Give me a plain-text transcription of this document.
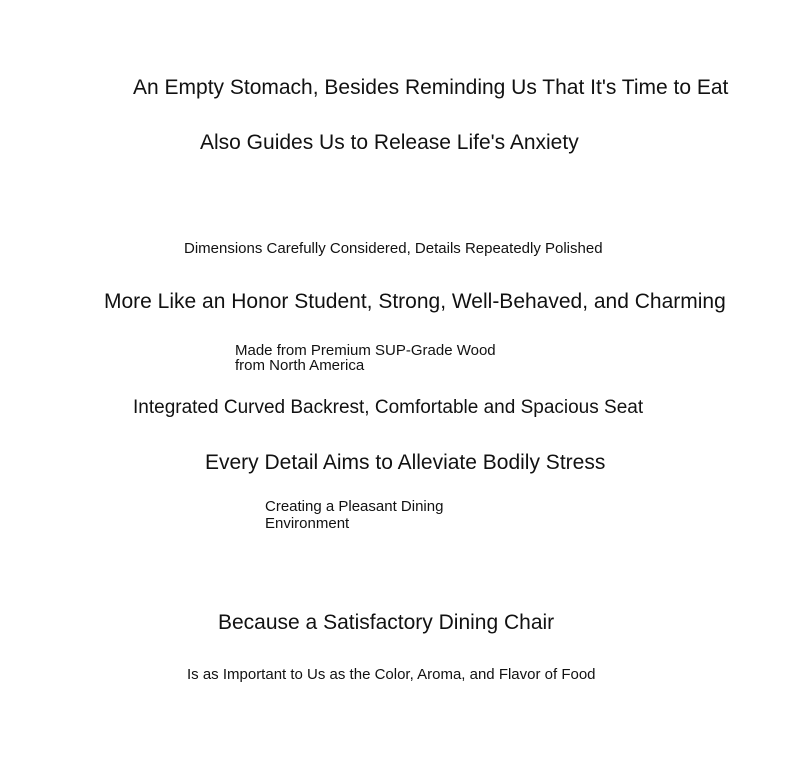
An Empty Stomach, Besides Reminding Us That It's Time to Eat
Also Guides Us to Release Life's Anxiety
Dimensions Carefully Considered, Details Repeatedly Polished
More Like an Honor Student, Strong, Well-Behaved, and Charming
Made from Premium SUP-Grade Wood
from North America
Integrated Curved Backrest, Comfortable and Spacious Seat
Every Detail Aims to Alleviate Bodily Stress
Creating a Pleasant Dining
Environment
Because a Satisfactory Dining Chair
Is as Important to Us as the Color, Aroma, and Flavor of Food
